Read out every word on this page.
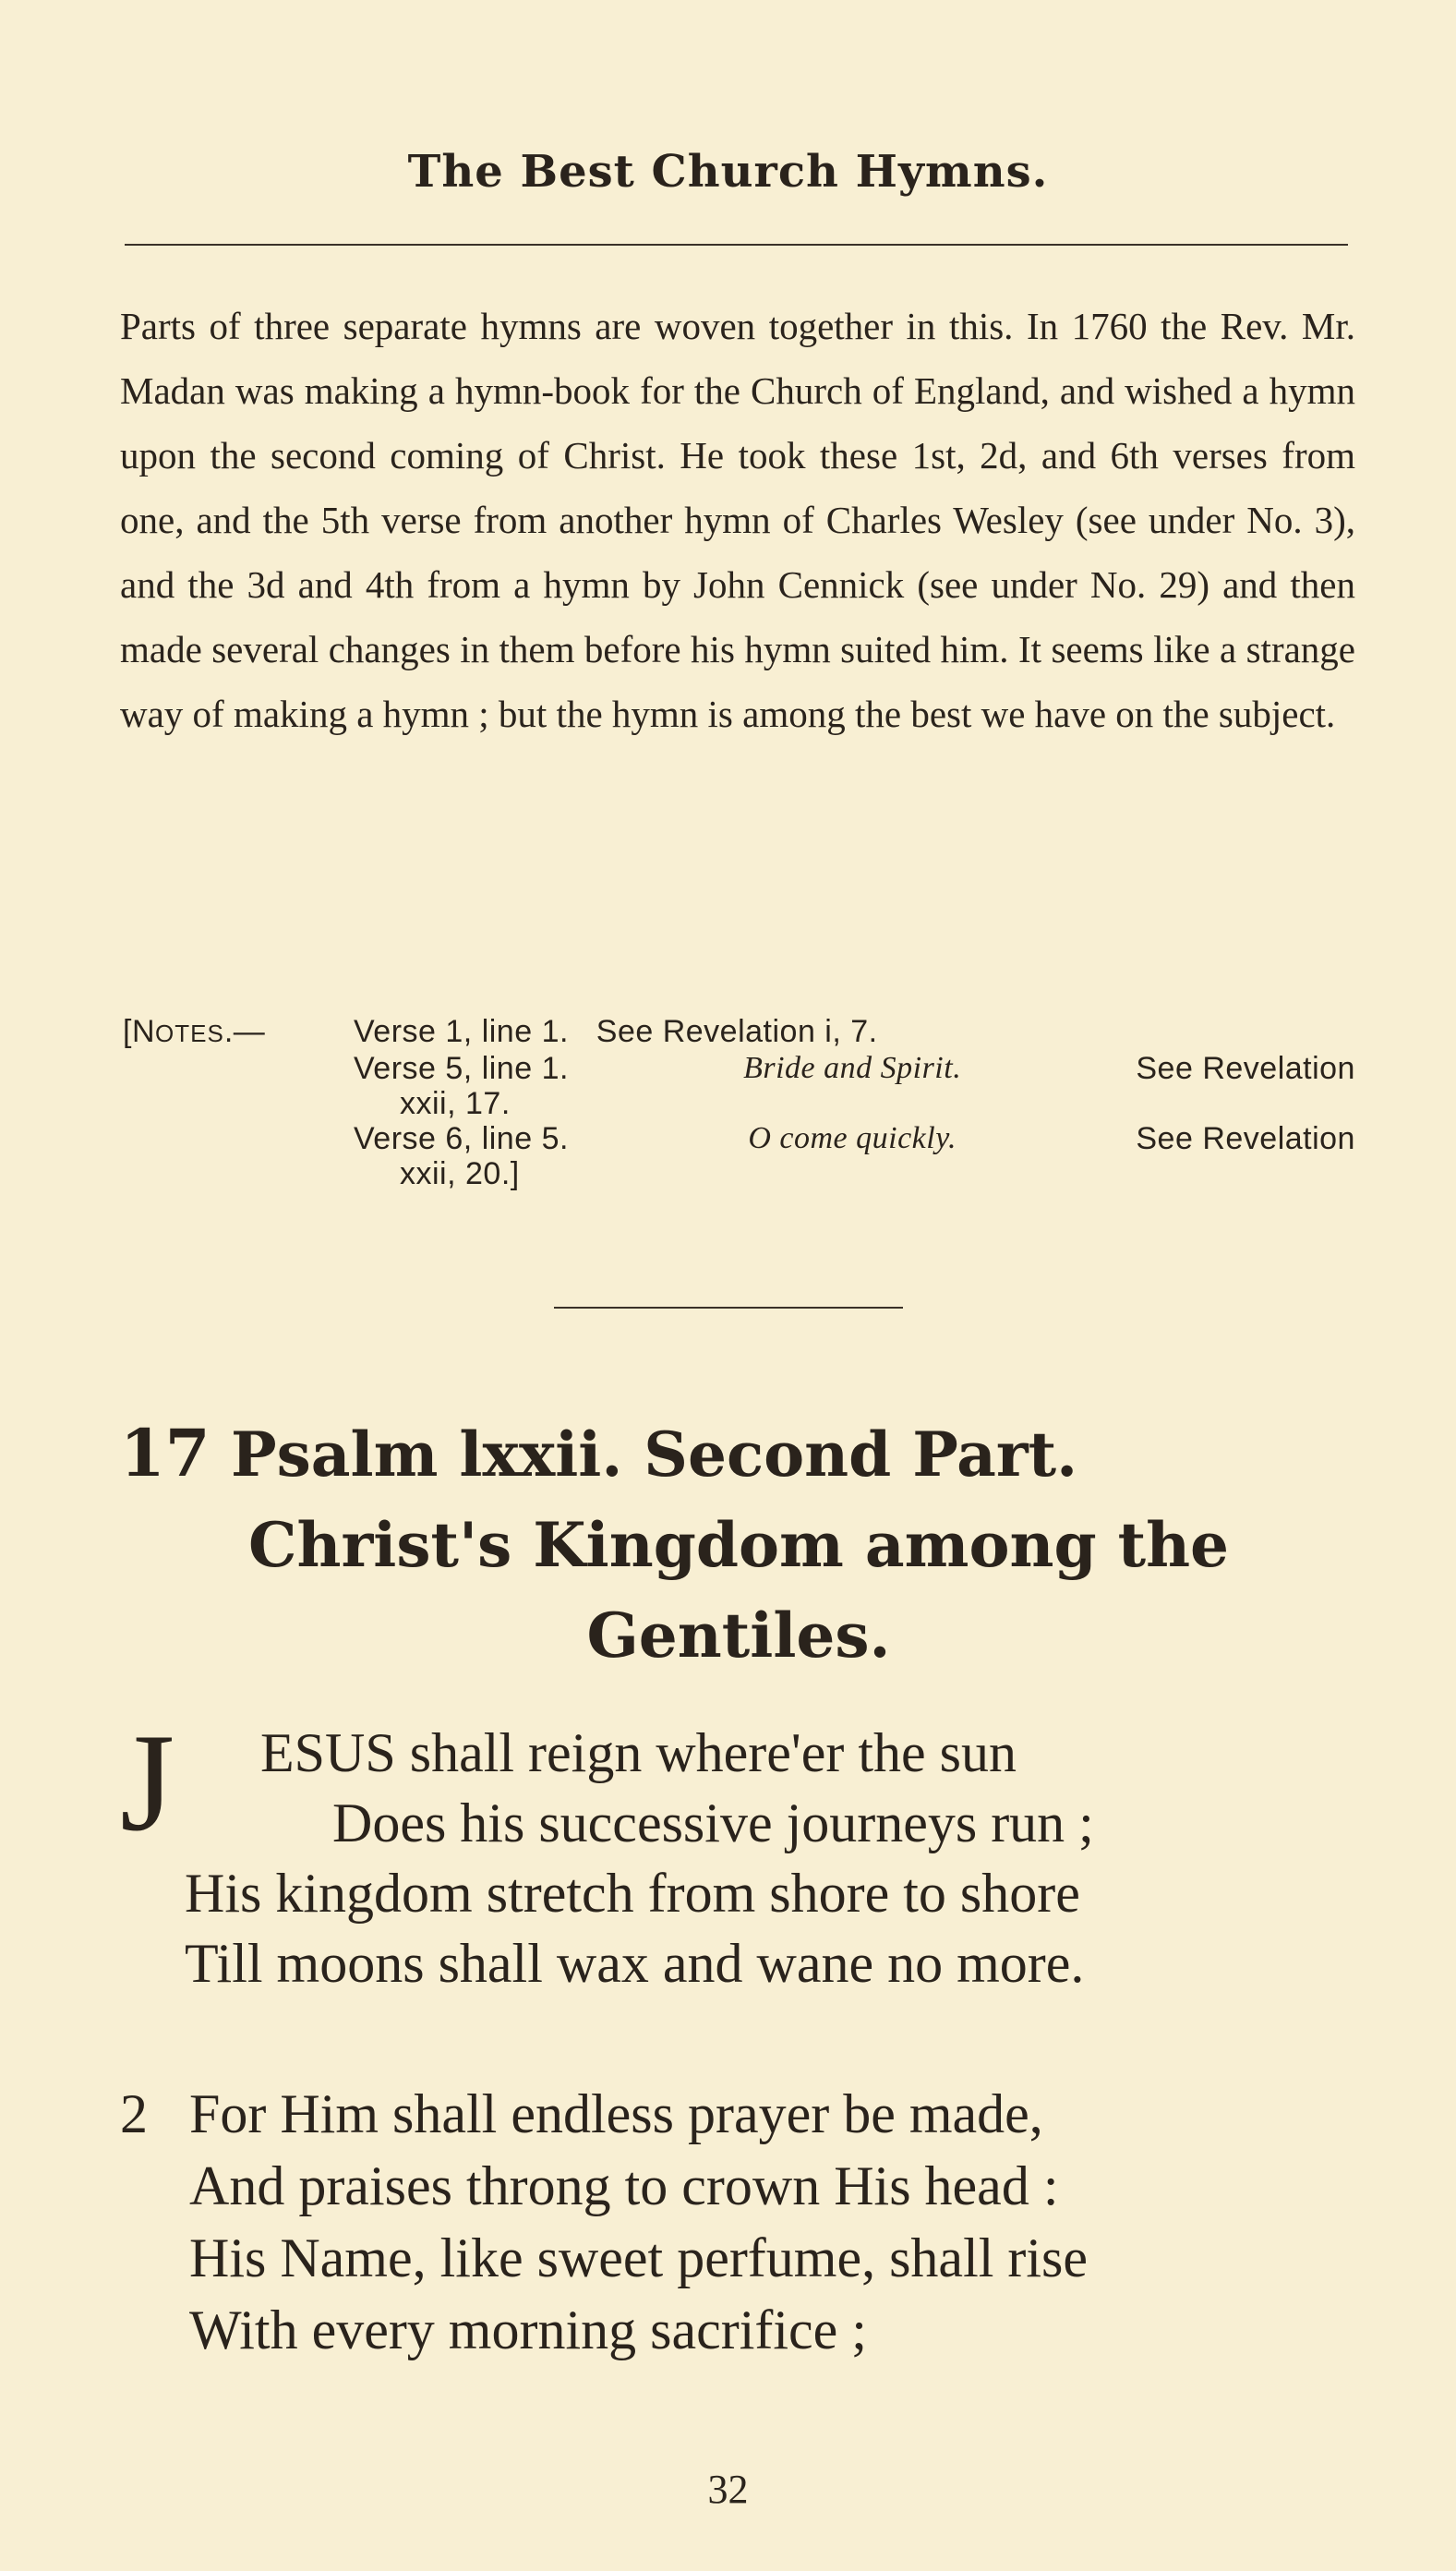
The Best Church Hymns.

Parts of three separate hymns are woven together in this. In 1760 the Rev. Mr. Madan was making a hymn-book for the Church of England, and wished a hymn upon the second coming of Christ. He took these 1st, 2d, and 6th verses from one, and the 5th verse from another hymn of Charles Wesley (see under No. 3), and the 3d and 4th from a hymn by John Cennick (see under No. 29) and then made several changes in them before his hymn suited him. It seems like a strange way of making a hymn ; but the hymn is among the best we have on the subject.

[NOTES.—	Verse 1, line 1. See Revelation i, 7.
Verse 5, line 1.	Bride and Spirit.	See Revelation
xxii, 17.
Verse 6, line 5.	O come quickly.	See Revelation
xxii, 20.]
17 Psalm lxxii. Second Part.
Christ's Kingdom among the
Gentiles.
J	ESUS shall reign where'er the sun
Does his successive journeys run ;
His kingdom stretch from shore to shore
Till moons shall wax and wane no more.
2 For Him shall endless prayer be made,
And praises throng to crown His head :
His Name, like sweet perfume, shall rise
With every morning sacrifice ;
32
